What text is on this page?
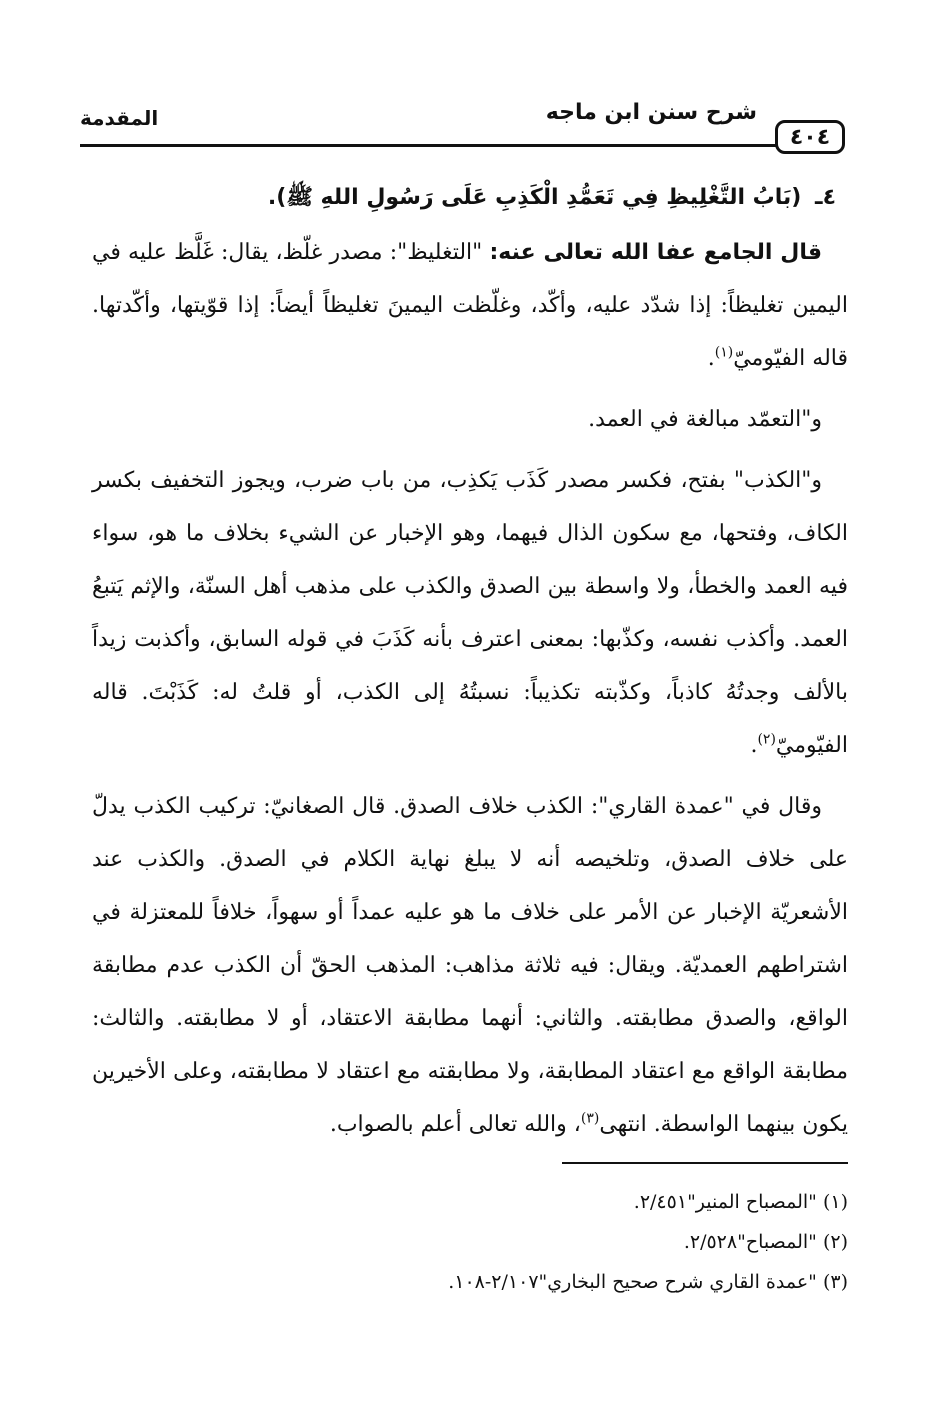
٤٠٤
شرح سنن ابن ماجه
المقدمة
٤ـ (بَابُ التَّغْلِيظِ فِي تَعَمُّدِ الْكَذِبِ عَلَى رَسُولِ اللهِ ﷺ).

قال الجامع عفا الله تعالى عنه: "التغليظ": مصدر غلّظ، يقال: غَلَّظ عليه في اليمين تغليظاً: إذا شدّد عليه، وأكّد، وغلّظت اليمينَ تغليظاً أيضاً: إذا قوّيتها، وأكّدتها. قاله الفيّوميّ$^{(١)}$.

و"التعمّد مبالغة في العمد.

و"الكذب" بفتح، فكسر مصدر كَذَب يَكذِب، من باب ضرب، ويجوز التخفيف بكسر الكاف، وفتحها، مع سكون الذال فيهما، وهو الإخبار عن الشيء بخلاف ما هو، سواء فيه العمد والخطأ، ولا واسطة بين الصدق والكذب على مذهب أهل السنّة، والإثم يَتبعُ العمد. وأكذب نفسه، وكذّبها: بمعنى اعترف بأنه كَذَبَ في قوله السابق، وأكذبت زيداً بالألف وجدتُهُ كاذباً، وكذّبته تكذيباً: نسبتُهُ إلى الكذب، أو قلتُ له: كَذَبْتَ. قاله الفيّوميّ$^{(٢)}$.

وقال في "عمدة القاري": الكذب خلاف الصدق. قال الصغانيّ: تركيب الكذب يدلّ على خلاف الصدق، وتلخيصه أنه لا يبلغ نهاية الكلام في الصدق. والكذب عند الأشعريّة الإخبار عن الأمر على خلاف ما هو عليه عمداً أو سهواً، خلافاً للمعتزلة في اشتراطهم العمديّة. ويقال: فيه ثلاثة مذاهب: المذهب الحقّ أن الكذب عدم مطابقة الواقع، والصدق مطابقته. والثاني: أنهما مطابقة الاعتقاد، أو لا مطابقته. والثالث: مطابقة الواقع مع اعتقاد المطابقة، ولا مطابقته مع اعتقاد لا مطابقته، وعلى الأخيرين يكون بينهما الواسطة. انتهى$^{(٣)}$، والله تعالى أعلم بالصواب.

(١) "المصباح المنير"٢/٤٥١.

(٢) "المصباح"٢/٥٢٨.

(٣) "عمدة القاري شرح صحيح البخاري"٢/١٠٧-١٠٨.
